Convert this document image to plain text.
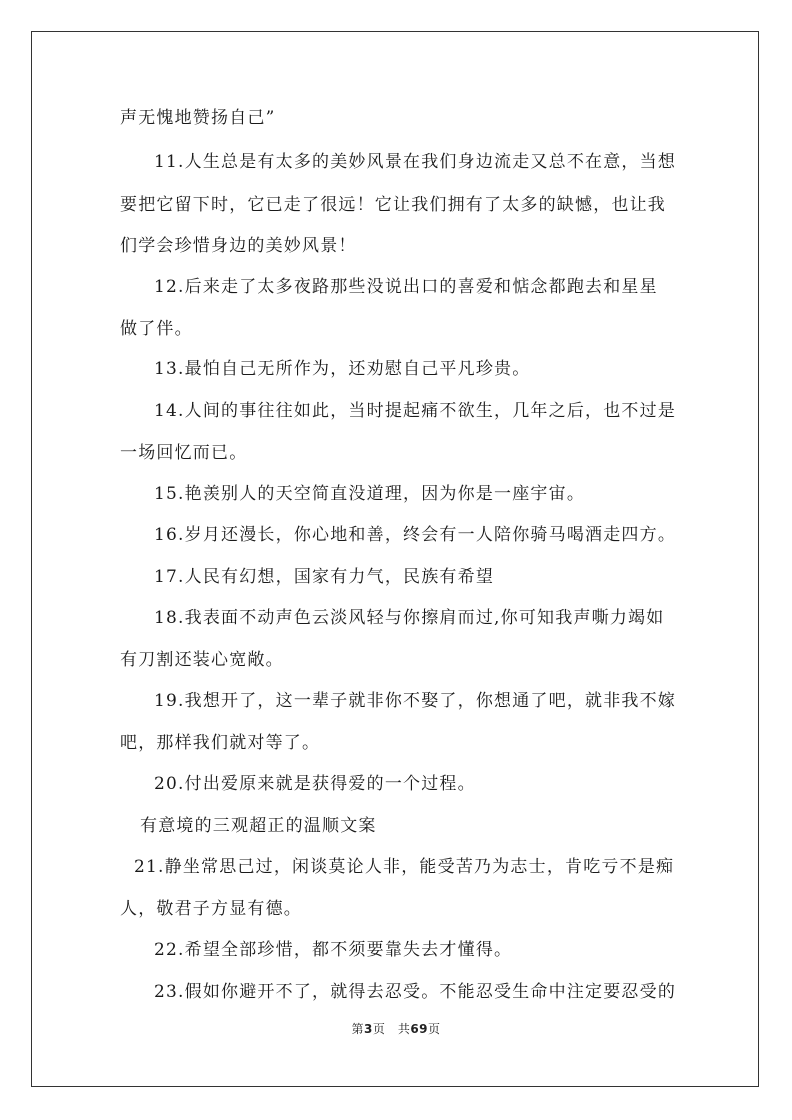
声无愧地赞扬自己”
11.人生总是有太多的美妙风景在我们身边流走又总不在意，当想
要把它留下时，它已走了很远！它让我们拥有了太多的缺憾，也让我
们学会珍惜身边的美妙风景！
12.后来走了太多夜路那些没说出口的喜爱和惦念都跑去和星星
做了伴。
13.最怕自己无所作为，还劝慰自己平凡珍贵。
14.人间的事往往如此，当时提起痛不欲生，几年之后，也不过是
一场回忆而已。
15.艳羡别人的天空简直没道理，因为你是一座宇宙。
16.岁月还漫长，你心地和善，终会有一人陪你骑马喝酒走四方。
17.人民有幻想，国家有力气，民族有希望
18.我表面不动声色云淡风轻与你擦肩而过,你可知我声嘶力竭如
有刀割还装心宽敞。
19.我想开了，这一辈子就非你不娶了，你想通了吧，就非我不嫁
吧，那样我们就对等了。
20.付出爱原来就是获得爱的一个过程。
有意境的三观超正的温顺文案
21.静坐常思己过，闲谈莫论人非，能受苦乃为志士，肯吃亏不是痴
人，敬君子方显有德。
22.希望全部珍惜，都不须要靠失去才懂得。
23.假如你避开不了，就得去忍受。不能忍受生命中注定要忍受的
第3页　共69页
